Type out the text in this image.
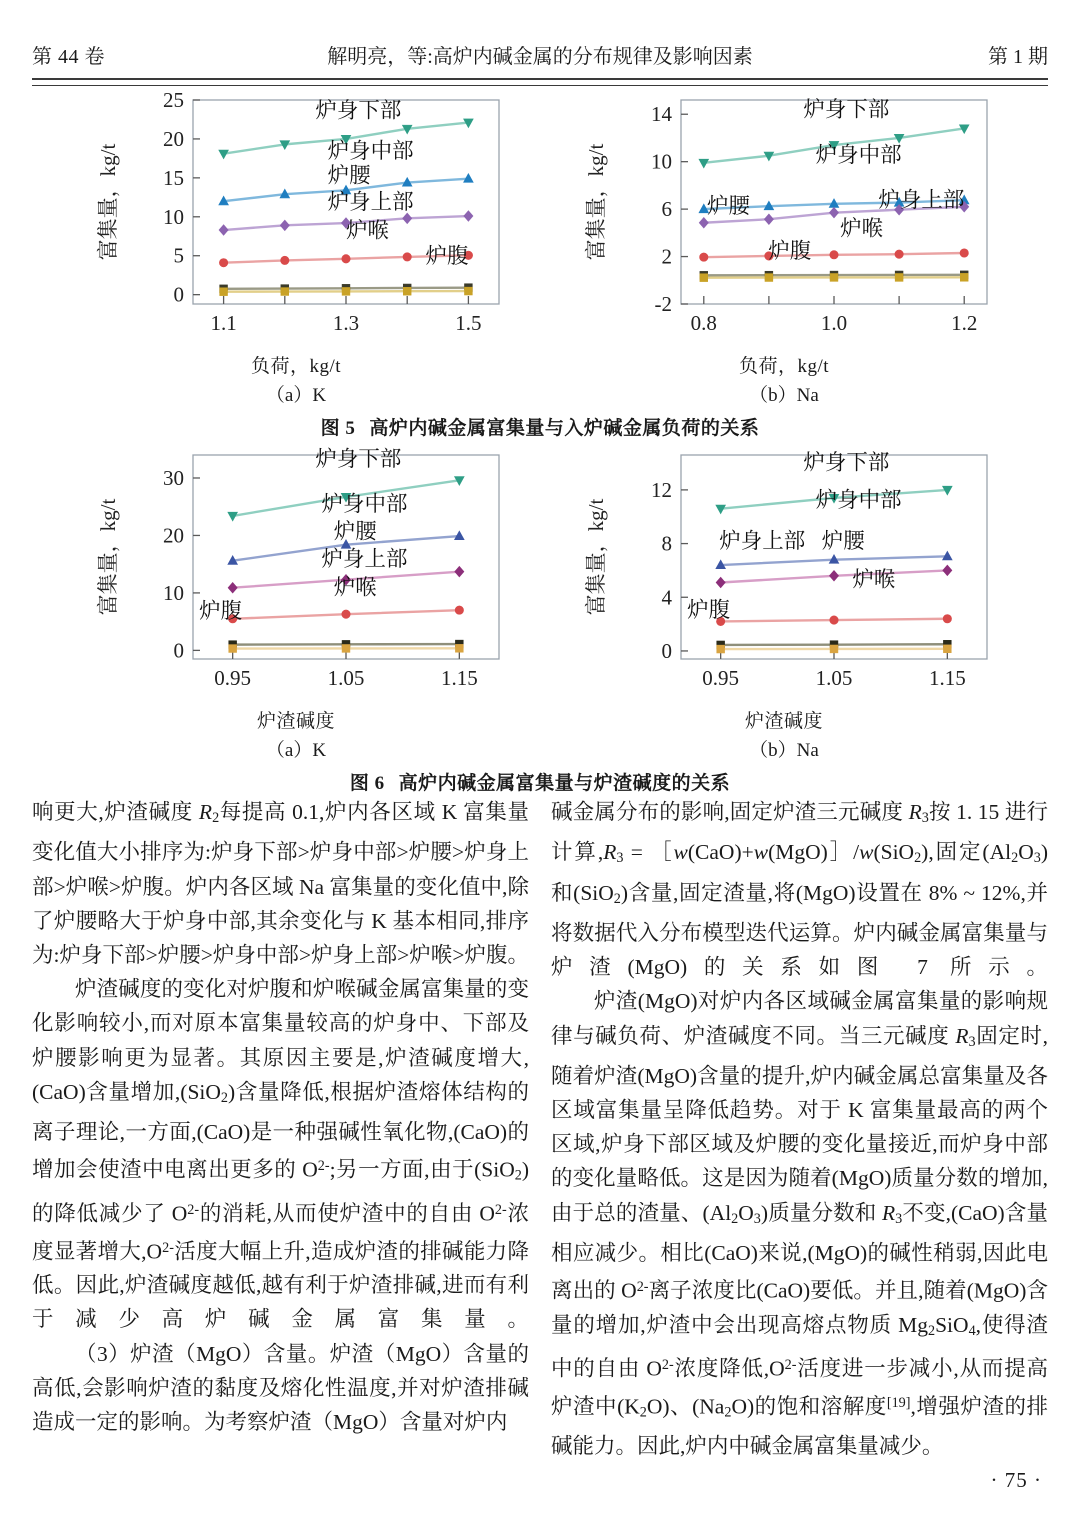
第 44 卷	解明亮，等:高炉内碱金属的分布规律及影响因素	第 1 期
0
5
10
15
20
25
1.1	1.3	1.5
富集量，kg/t
炉身下部
炉身中部
炉腰
炉身上部
炉喉
炉腹
负荷，kg/t
（a）K
-2
2
6
10
14
0.8	1.0	1.2
富集量，kg/t
炉身下部
炉身中部
炉腰	炉身上部
炉喉
炉腹
负荷，kg/t
（b）Na
图 5 高炉内碱金属富集量与入炉碱金属负荷的关系
0
10
20
30
0.95	1.05	1.15
富集量，kg/t
炉身下部
炉身中部
炉腰
炉身上部
炉喉
炉腹
炉渣碱度
（a）K
0
4
8
12
0.95	1.05	1.15
富集量，kg/t
炉身下部
炉身中部
炉腰
炉身上部
炉喉
炉腹
炉渣碱度
（b）Na
图 6 高炉内碱金属富集量与炉渣碱度的关系

响更大,炉渣碱度 $R_2$每提高 0.1,炉内各区域 K 富集量变化值大小排序为:炉身下部>炉身中部>炉腰>炉身上部>炉喉>炉腹。炉内各区域 Na 富集量的变化值中,除了炉腰略大于炉身中部,其余变化与 K 基本相同,排序为:炉身下部>炉腰>炉身中部>炉身上部>炉喉>炉腹。

炉渣碱度的变化对炉腹和炉喉碱金属富集量的变化影响较小,而对原本富集量较高的炉身中、下部及炉腰影响更为显著。其原因主要是,炉渣碱度增大,(CaO)含量增加,(SiO$_2$)含量降低,根据炉渣熔体结构的离子理论,一方面,(CaO)是一种强碱性氧化物,(CaO)的增加会使渣中电离出更多的 $O^{2-}$;另一方面,由于(SiO$_2$)的降低减少了 $O^{2-}$的消耗,从而使炉渣中的自由 $O^{2-}$浓度显著增大$,O^{2-}$活度大幅上升,造成炉渣的排碱能力降低。因此,炉渣碱度越低,越有利于炉渣排碱,进而有利于减少高炉碱金属富集量。

（3）炉渣（MgO）含量。炉渣（MgO）含量的高低,会影响炉渣的黏度及熔化性温度,并对炉渣排碱造成一定的影响。为考察炉渣（MgO）含量对炉内

碱金属分布的影响,固定炉渣三元碱度 $R_3$按 1. 15 进行计算$,R_3$ = ［w(CaO)+w(MgO)］/w(SiO$_2$),固定$(Al_2O_3)$和(SiO$_2$)含量,固定渣量,将(MgO)设置在 8% ~ 12%,并将数据代入分布模型迭代运算。炉内碱金属富集量与炉渣(MgO)的关系如图 7 所示。

炉渣(MgO)对炉内各区域碱金属富集量的影响规律与碱负荷、炉渣碱度不同。当三元碱度 $R_3$固定时,随着炉渣(MgO)含量的提升,炉内碱金属总富集量及各区域富集量呈降低趋势。对于 K 富集量最高的两个区域,炉身下部区域及炉腰的变化量接近,而炉身中部的变化量略低。这是因为随着(MgO)质量分数的增加,由于总的渣量、$(Al_2O_3)$质量分数和 $R_3$不变,(CaO)含量相应减少。相比(CaO)来说,(MgO)的碱性稍弱,因此电离出的 $O^{2-}$离子浓度比(CaO)要低。并且,随着(MgO)含量的增加,炉渣中会出现高熔点物质 $Mg_2SiO_4$,使得渣中的自由 $O^{2-}$浓度降低$,O^{2-}$活度进一步减小,从而提高炉渣中$(K_2O)$、$(Na_2O)$的饱和溶解度[19],增强炉渣的排碱能力。因此,炉内中碱金属富集量减少。

· 75 ·
